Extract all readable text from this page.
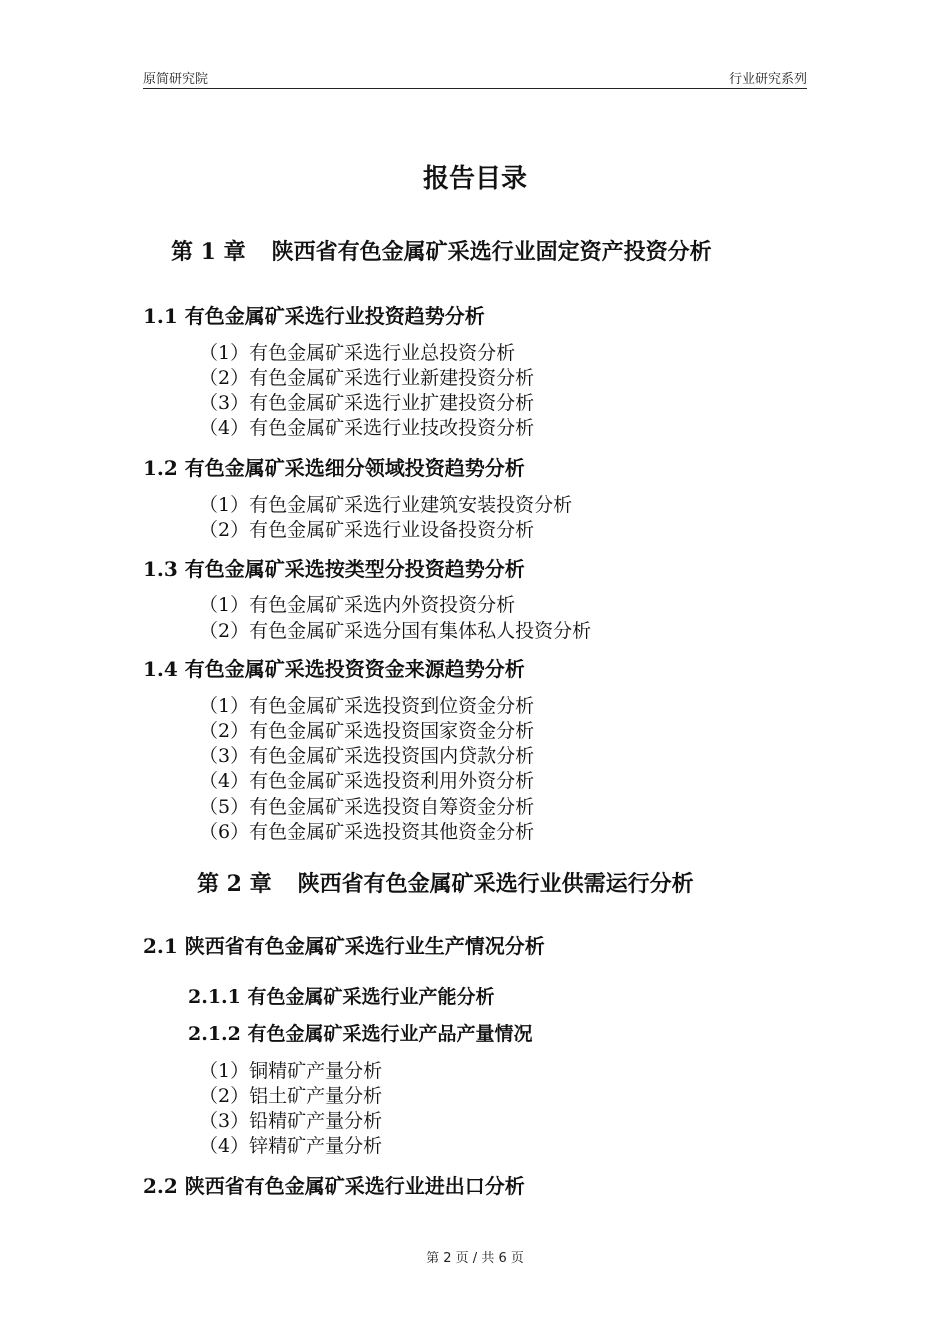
原简研究院	行业研究系列
报告目录
第 1 章 陕西省有色金属矿采选行业固定资产投资分析
1.1 有色金属矿采选行业投资趋势分析
（1）有色金属矿采选行业总投资分析
（2）有色金属矿采选行业新建投资分析
（3）有色金属矿采选行业扩建投资分析
（4）有色金属矿采选行业技改投资分析
1.2 有色金属矿采选细分领域投资趋势分析
（1）有色金属矿采选行业建筑安装投资分析
（2）有色金属矿采选行业设备投资分析
1.3 有色金属矿采选按类型分投资趋势分析
（1）有色金属矿采选内外资投资分析
（2）有色金属矿采选分国有集体私人投资分析
1.4 有色金属矿采选投资资金来源趋势分析
（1）有色金属矿采选投资到位资金分析
（2）有色金属矿采选投资国家资金分析
（3）有色金属矿采选投资国内贷款分析
（4）有色金属矿采选投资利用外资分析
（5）有色金属矿采选投资自筹资金分析
（6）有色金属矿采选投资其他资金分析
第 2 章 陕西省有色金属矿采选行业供需运行分析
2.1 陕西省有色金属矿采选行业生产情况分析
2.1.1 有色金属矿采选行业产能分析
2.1.2 有色金属矿采选行业产品产量情况
（1）铜精矿产量分析
（2）铝土矿产量分析
（3）铅精矿产量分析
（4）锌精矿产量分析
2.2 陕西省有色金属矿采选行业进出口分析
第 2 页 / 共 6 页
